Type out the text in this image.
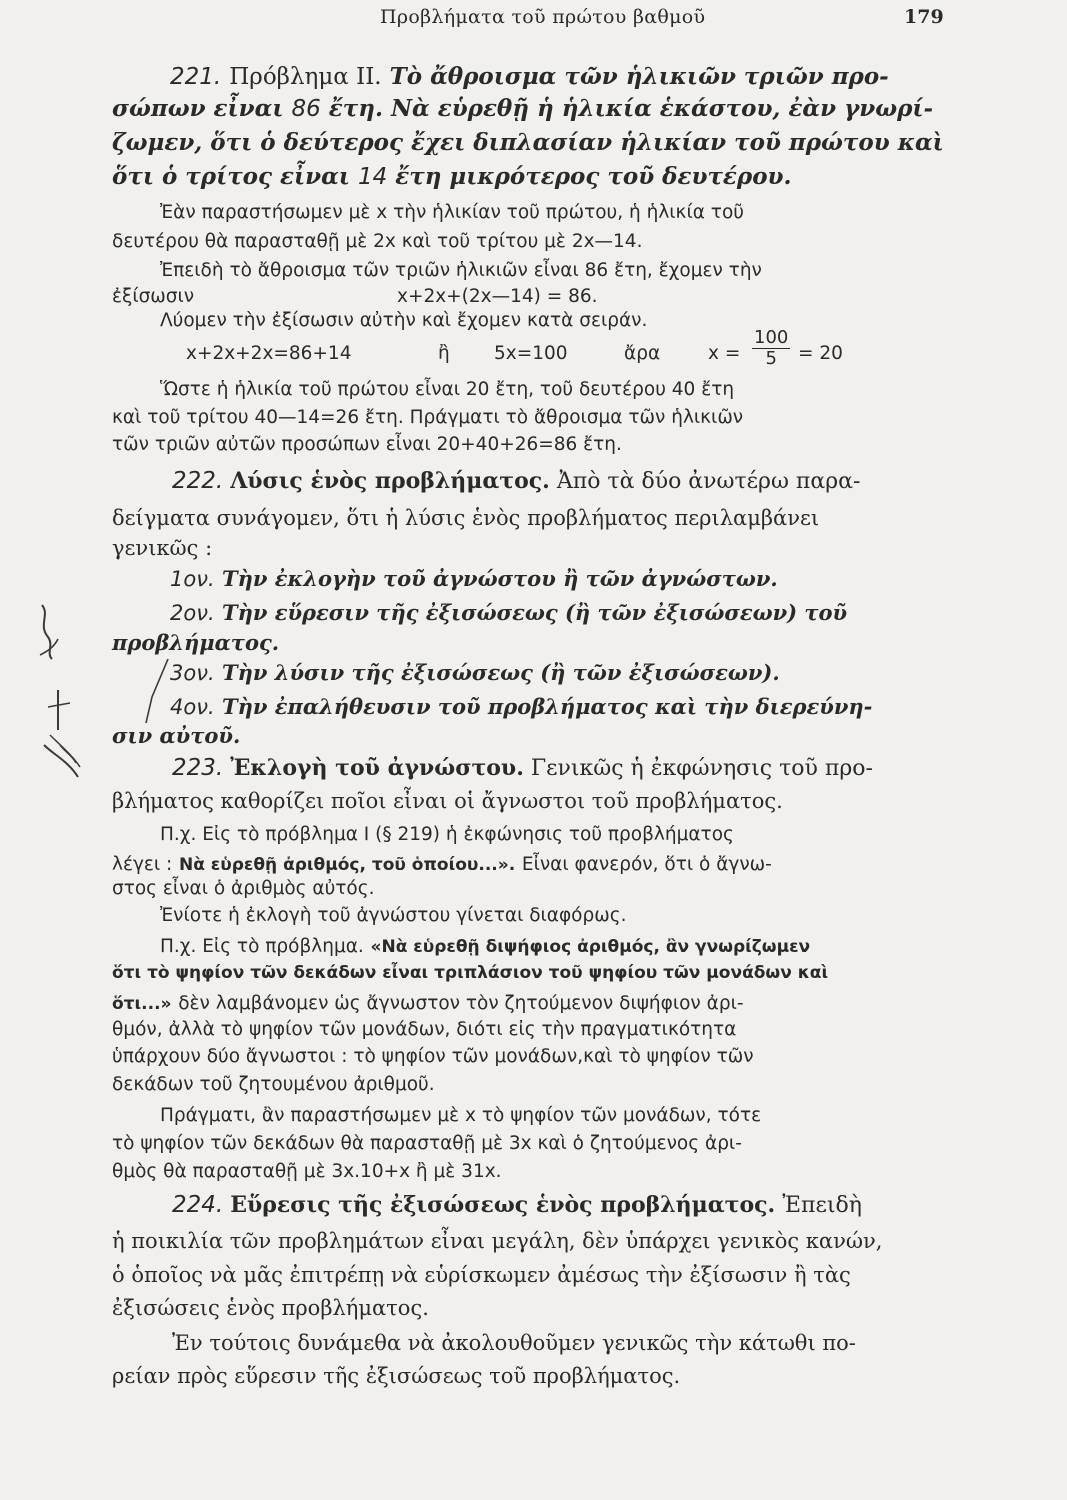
Προβλήματα τοῦ πρώτου βαθμοῦ	179
221. Πρόβλημα ΙΙ. Τὸ ἄθροισμα τῶν ἡλικιῶν τριῶν προ-
σώπων εἶναι 86 ἔτη. Νὰ εὑρεθῇ ἡ ἡλικία ἑκάστου, ἐὰν γνωρί-
ζωμεν, ὅτι ὁ δεύτερος ἔχει διπλασίαν ἡλικίαν τοῦ πρώτου καὶ
ὅτι ὁ τρίτος εἶναι 14 ἔτη μικρότερος τοῦ δευτέρου.
Ἐὰν παραστήσωμεν μὲ x τὴν ἡλικίαν τοῦ πρώτου, ἡ ἡλικία τοῦ
δευτέρου θὰ παρασταθῇ μὲ 2x καὶ τοῦ τρίτου μὲ 2x—14.
Ἐπειδὴ τὸ ἄθροισμα τῶν τριῶν ἡλικιῶν εἶναι 86 ἔτη, ἔχομεν τὴν
ἐξίσωσιν	x+2x+(2x—14) = 86.
Λύομεν τὴν ἐξίσωσιν αὐτὴν καὶ ἔχομεν κατὰ σειράν.
x+2x+2x=86+14	ἢ 5x=100	ἄρα	$x = \frac{100}{5} = 20$
Ὥστε ἡ ἡλικία τοῦ πρώτου εἶναι 20 ἔτη, τοῦ δευτέρου 40 ἔτη
καὶ τοῦ τρίτου 40—14=26 ἔτη. Πράγματι τὸ ἄθροισμα τῶν ἡλικιῶν
τῶν τριῶν αὐτῶν προσώπων εἶναι 20+40+26=86 ἔτη.
222. Λύσις ἑνὸς προβλήματος. Ἀπὸ τὰ δύο ἀνωτέρω παρα-
δείγματα συνάγομεν, ὅτι ἡ λύσις ἑνὸς προβλήματος περιλαμβάνει
γενικῶς :
1ον. Τὴν ἐκλογὴν τοῦ ἀγνώστου ἢ τῶν ἀγνώστων.
2ον. Τὴν εὕρεσιν τῆς ἐξισώσεως (ἢ τῶν ἐξισώσεων) τοῦ
προβλήματος.
3ον. Τὴν λύσιν τῆς ἐξισώσεως (ἢ τῶν ἐξισώσεων).
4ον. Τὴν ἐπαλήθευσιν τοῦ προβλήματος καὶ τὴν διερεύνη-
σιν αὐτοῦ.
223. Ἐκλογὴ τοῦ ἀγνώστου. Γενικῶς ἡ ἐκφώνησις τοῦ προ-
βλήματος καθορίζει ποῖοι εἶναι οἱ ἄγνωστοι τοῦ προβλήματος.
Π.χ. Εἰς τὸ πρόβλημα Ι (§ 219) ἡ ἐκφώνησις τοῦ προβλήματος
λέγει : Νὰ εὑρεθῇ ἀριθμός, τοῦ ὁποίου...». Εἶναι φανερόν, ὅτι ὁ ἄγνω-
στος εἶναι ὁ ἀριθμὸς αὐτός.
Ἐνίοτε ἡ ἐκλογὴ τοῦ ἀγνώστου γίνεται διαφόρως.
Π.χ. Εἰς τὸ πρόβλημα. «Νὰ εὑρεθῇ διψήφιος ἀριθμός, ἂν γνωρίζωμεν
ὅτι τὸ ψηφίον τῶν δεκάδων εἶναι τριπλάσιον τοῦ ψηφίου τῶν μονάδων καὶ
ὅτι...» δὲν λαμβάνομεν ὡς ἄγνωστον τὸν ζητούμενον διψήφιον ἀρι-
θμόν, ἀλλὰ τὸ ψηφίον τῶν μονάδων, διότι εἰς τὴν πραγματικότητα
ὑπάρχουν δύο ἄγνωστοι : τὸ ψηφίον τῶν μονάδων,καὶ τὸ ψηφίον τῶν
δεκάδων τοῦ ζητουμένου ἀριθμοῦ.
Πράγματι, ἂν παραστήσωμεν μὲ x τὸ ψηφίον τῶν μονάδων, τότε
τὸ ψηφίον τῶν δεκάδων θὰ παρασταθῇ μὲ 3x καὶ ὁ ζητούμενος ἀρι-
θμὸς θὰ παρασταθῇ μὲ 3x.10+x ἢ μὲ 31x.
224. Εὕρεσις τῆς ἐξισώσεως ἑνὸς προβλήματος. Ἐπειδὴ
ἡ ποικιλία τῶν προβλημάτων εἶναι μεγάλη, δὲν ὑπάρχει γενικὸς κανών,
ὁ ὁποῖος νὰ μᾶς ἐπιτρέπῃ νὰ εὑρίσκωμεν ἀμέσως τὴν ἐξίσωσιν ἢ τὰς
ἐξισώσεις ἑνὸς προβλήματος.
Ἐν τούτοις δυνάμεθα νὰ ἀκολουθοῦμεν γενικῶς τὴν κάτωθι πο-
ρείαν πρὸς εὕρεσιν τῆς ἐξισώσεως τοῦ προβλήματος.
